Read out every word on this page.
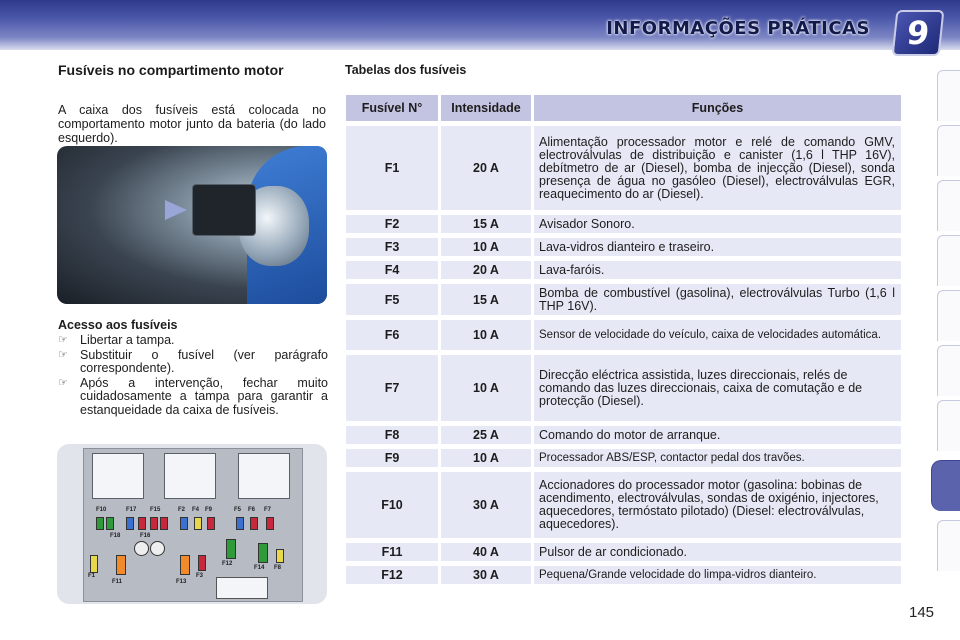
INFORMAÇÕES PRÁTICAS	9
Fusíveis no compartimento motor
A caixa dos fusíveis está colocada no comportamento motor junto da bateria (do lado esquerdo).
Acesso aos fusíveis
☞ Libertar a tampa.
☞ Substituir o fusível (ver parágrafo correspondente).
☞ Após a intervenção, fechar muito cuidadosamente a tampa para garantir a estanqueidade da caixa de fusíveis.
F10	F17 F15	F2 F4 F9	F5 F6 F7
F18	F16
F1
F11	F13
F3
F12
F14 F8
Tabelas dos fusíveis
Fusível N°	Intensidade	Funções
F1	20 A	Alimentação processador motor e relé de comando GMV, electroválvulas de distribuição e canister (1,6 l THP 16V), debítmetro de ar (Diesel), bomba de injecção (Diesel), sonda presença de água no gasóleo (Diesel), electroválvulas EGR, reaquecimento do ar (Diesel).
F2	15 A	Avisador Sonoro.
F3	10 A	Lava-vidros dianteiro e traseiro.
F4	20 A	Lava-faróis.
F5	15 A	Bomba de combustível (gasolina), electroválvulas Turbo (1,6 l THP 16V).
F6	10 A	Sensor de velocidade do veículo, caixa de velocidades automática.
F7	10 A	Direcção eléctrica assistida, luzes direccionais, relés de comando das luzes direccionais, caixa de comutação e de protecção (Diesel).
F8	25 A	Comando do motor de arranque.
F9	10 A	Processador ABS/ESP, contactor pedal dos travões.
F10	30 A	Accionadores do processador motor (gasolina: bobinas de acendimento, electroválvulas, sondas de oxigénio, injectores, aquecedores, termóstato pilotado) (Diesel: electroválvulas, aquecedores).
F11	40 A	Pulsor de ar condicionado.
F12	30 A	Pequena/Grande velocidade do limpa-vidros dianteiro.
145
